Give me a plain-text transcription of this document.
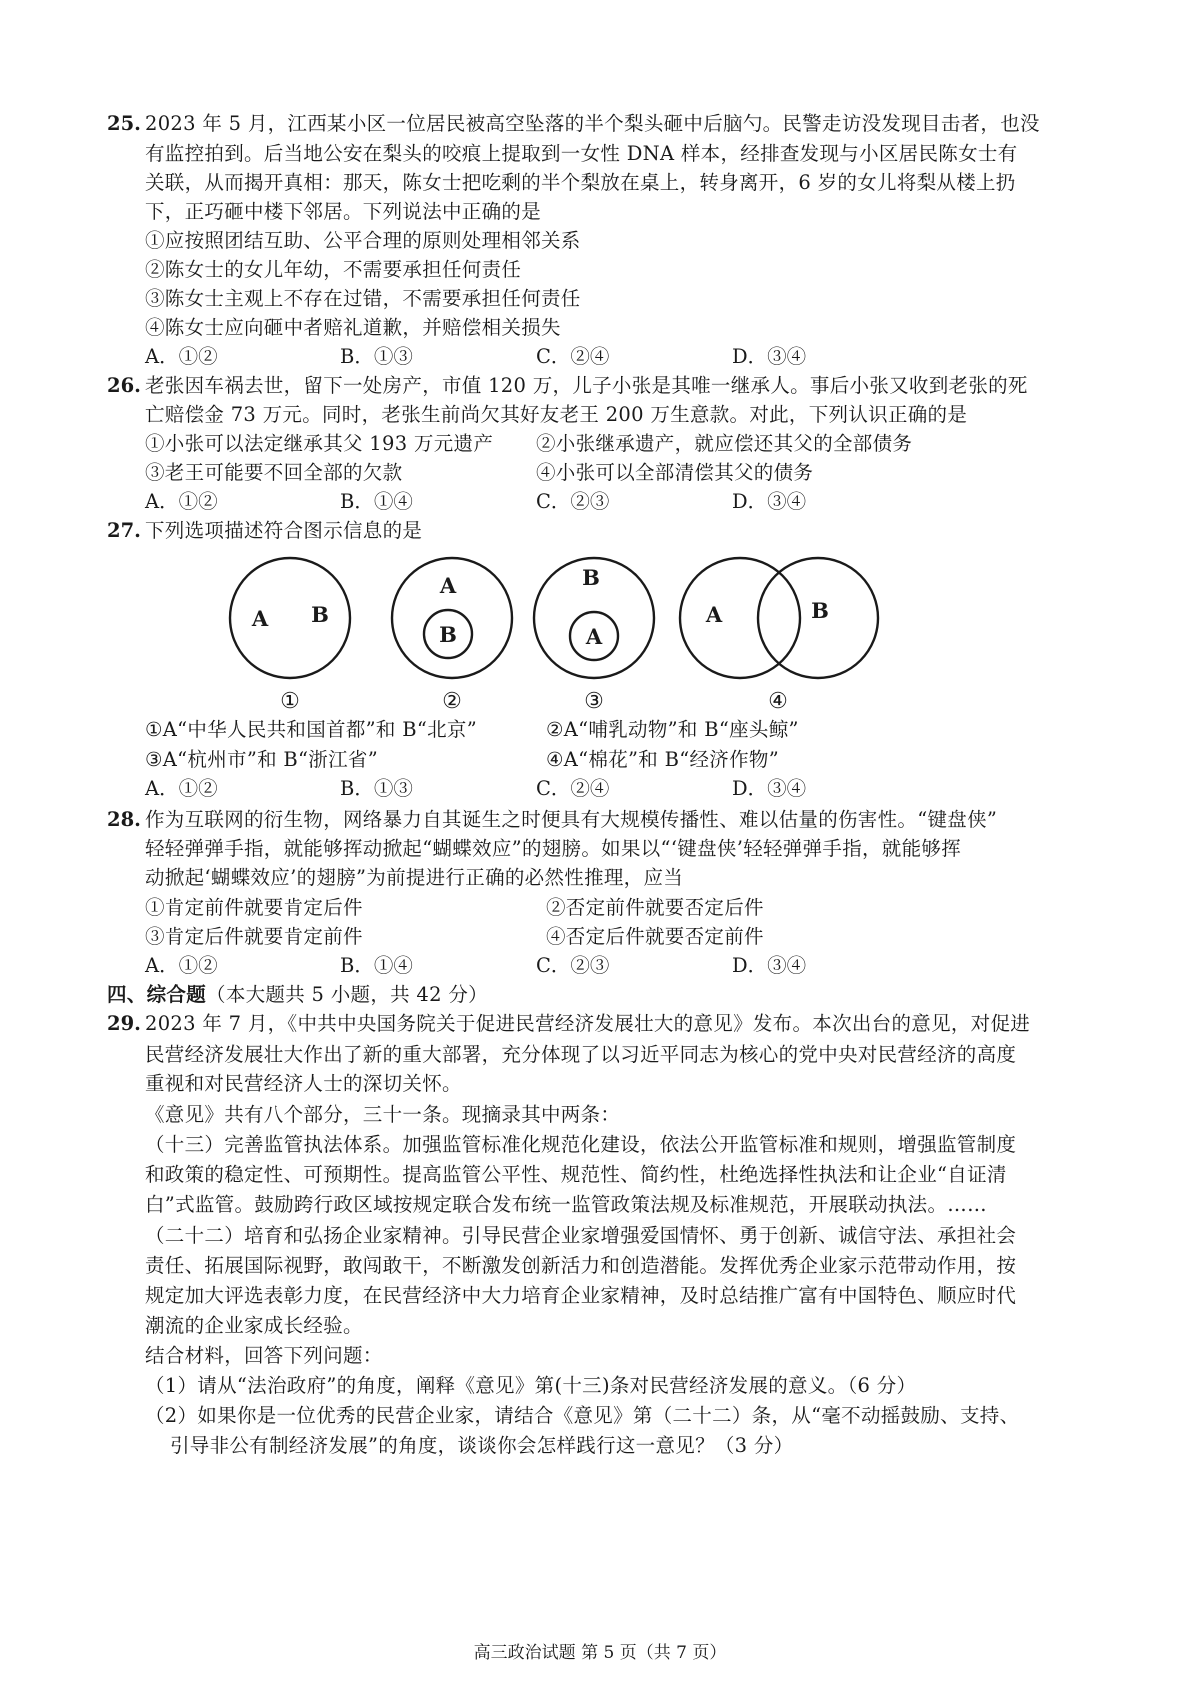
25. 2023 年 5 月，江西某小区一位居民被高空坠落的半个梨头砸中后脑勺。民警走访没发现目击者，也没
有监控拍到。后当地公安在梨头的咬痕上提取到一女性 DNA 样本，经排查发现与小区居民陈女士有
关联，从而揭开真相：那天，陈女士把吃剩的半个梨放在桌上，转身离开，6 岁的女儿将梨从楼上扔
下，正巧砸中楼下邻居。下列说法中正确的是
①应按照团结互助、公平合理的原则处理相邻关系
②陈女士的女儿年幼，不需要承担任何责任
③陈女士主观上不存在过错，不需要承担任何责任
④陈女士应向砸中者赔礼道歉，并赔偿相关损失
A．①②	B．①③	C．②④	D．③④
26. 老张因车祸去世，留下一处房产，市值 120 万，儿子小张是其唯一继承人。事后小张又收到老张的死
亡赔偿金 73 万元。同时，老张生前尚欠其好友老王 200 万生意款。对此，下列认识正确的是
①小张可以法定继承其父 193 万元遗产 ②小张继承遗产，就应偿还其父的全部债务
③老王可能要不回全部的欠款	④小张可以全部清偿其父的债务
A．①②	B．①④	C．②③	D．③④
27. 下列选项描述符合图示信息的是
A B
A
B
B
A
A	B
①	②	③	④
①A“中华人民共和国首都”和 B“北京”	②A“哺乳动物”和 B“座头鲸”
③A“杭州市”和 B“浙江省”	④A“棉花”和 B“经济作物”
A．①②	B．①③	C．②④	D．③④
28. 作为互联网的衍生物，网络暴力自其诞生之时便具有大规模传播性、难以估量的伤害性。“键盘侠”
轻轻弹弹手指，就能够挥动掀起“蝴蝶效应”的翅膀。如果以“‘键盘侠’轻轻弹弹手指，就能够挥
动掀起‘蝴蝶效应’的翅膀”为前提进行正确的必然性推理，应当
①肯定前件就要肯定后件	②否定前件就要否定后件
③肯定后件就要肯定前件	④否定后件就要否定前件
A．①②	B．①④	C．②③	D．③④
四、综合题（本大题共 5 小题，共 42 分）
29. 2023 年 7 月，《中共中央国务院关于促进民营经济发展壮大的意见》发布。本次出台的意见，对促进
民营经济发展壮大作出了新的重大部署，充分体现了以习近平同志为核心的党中央对民营经济的高度
重视和对民营经济人士的深切关怀。
《意见》共有八个部分，三十一条。现摘录其中两条：
（十三）完善监管执法体系。加强监管标准化规范化建设，依法公开监管标准和规则，增强监管制度
和政策的稳定性、可预期性。提高监管公平性、规范性、简约性，杜绝选择性执法和让企业“自证清
白”式监管。鼓励跨行政区域按规定联合发布统一监管政策法规及标准规范，开展联动执法。……
（二十二）培育和弘扬企业家精神。引导民营企业家增强爱国情怀、勇于创新、诚信守法、承担社会
责任、拓展国际视野，敢闯敢干，不断激发创新活力和创造潜能。发挥优秀企业家示范带动作用，按
规定加大评选表彰力度，在民营经济中大力培育企业家精神，及时总结推广富有中国特色、顺应时代
潮流的企业家成长经验。
结合材料，回答下列问题：
（1）请从“法治政府”的角度，阐释《意见》第(十三)条对民营经济发展的意义。（6 分）
（2）如果你是一位优秀的民营企业家，请结合《意见》第（二十二）条，从“毫不动摇鼓励、支持、
引导非公有制经济发展”的角度，谈谈你会怎样践行这一意见？（3 分）
高三政治试题 第 5 页（共 7 页）
